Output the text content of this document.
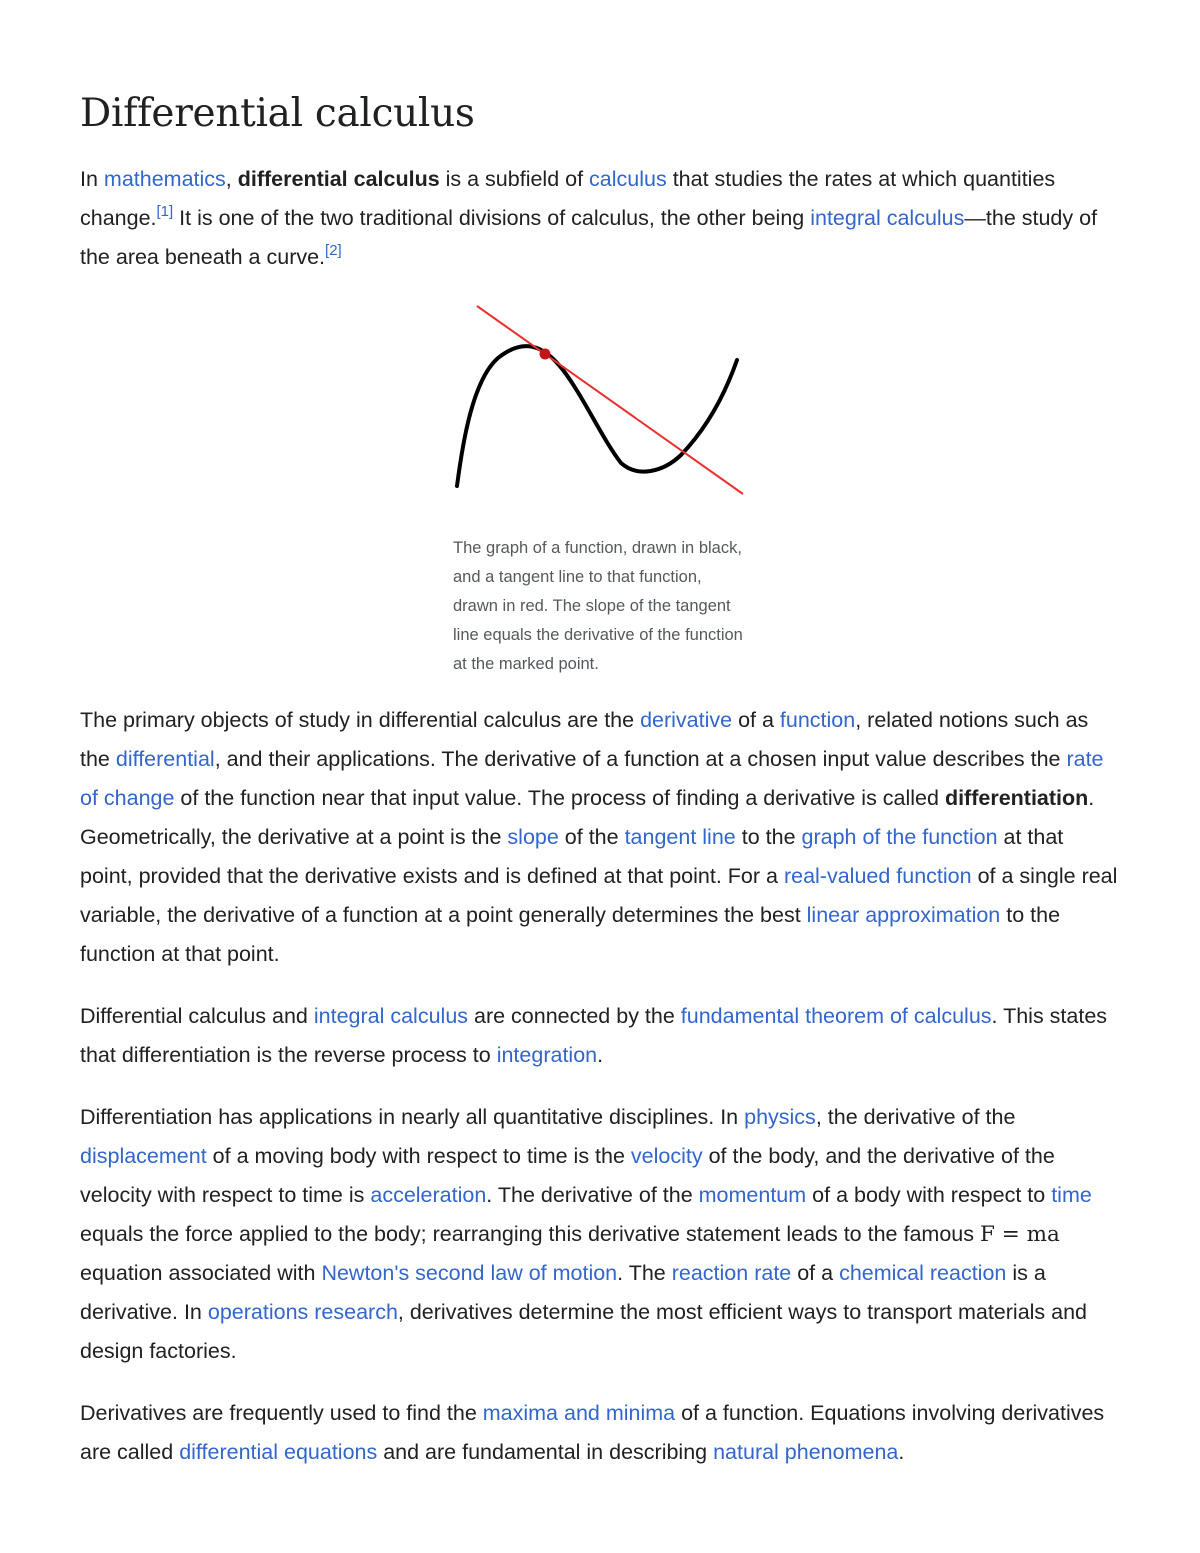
Differential calculus

In mathematics, differential calculus is a subfield of calculus that studies the rates at which quantities change.[1] It is one of the two traditional divisions of calculus, the other being integral calculus—the study of the area beneath a curve.[2]

The graph of a function, drawn in black, and a tangent line to that function, drawn in red. The slope of the tangent line equals the derivative of the function at the marked point.

The primary objects of study in differential calculus are the derivative of a function, related notions such as the differential, and their applications. The derivative of a function at a chosen input value describes the rate of change of the function near that input value. The process of finding a derivative is called differentiation. Geometrically, the derivative at a point is the slope of the tangent line to the graph of the function at that point, provided that the derivative exists and is defined at that point. For a real-valued function of a single real variable, the derivative of a function at a point generally determines the best linear approximation to the function at that point.

Differential calculus and integral calculus are connected by the fundamental theorem of calculus. This states that differentiation is the reverse process to integration.

Differentiation has applications in nearly all quantitative disciplines. In physics, the derivative of the displacement of a moving body with respect to time is the velocity of the body, and the derivative of the velocity with respect to time is acceleration. The derivative of the momentum of a body with respect to time equals the force applied to the body; rearranging this derivative statement leads to the famous F = ma equation associated with Newton's second law of motion. The reaction rate of a chemical reaction is a derivative. In operations research, derivatives determine the most efficient ways to transport materials and design factories.

Derivatives are frequently used to find the maxima and minima of a function. Equations involving derivatives are called differential equations and are fundamental in describing natural phenomena.
